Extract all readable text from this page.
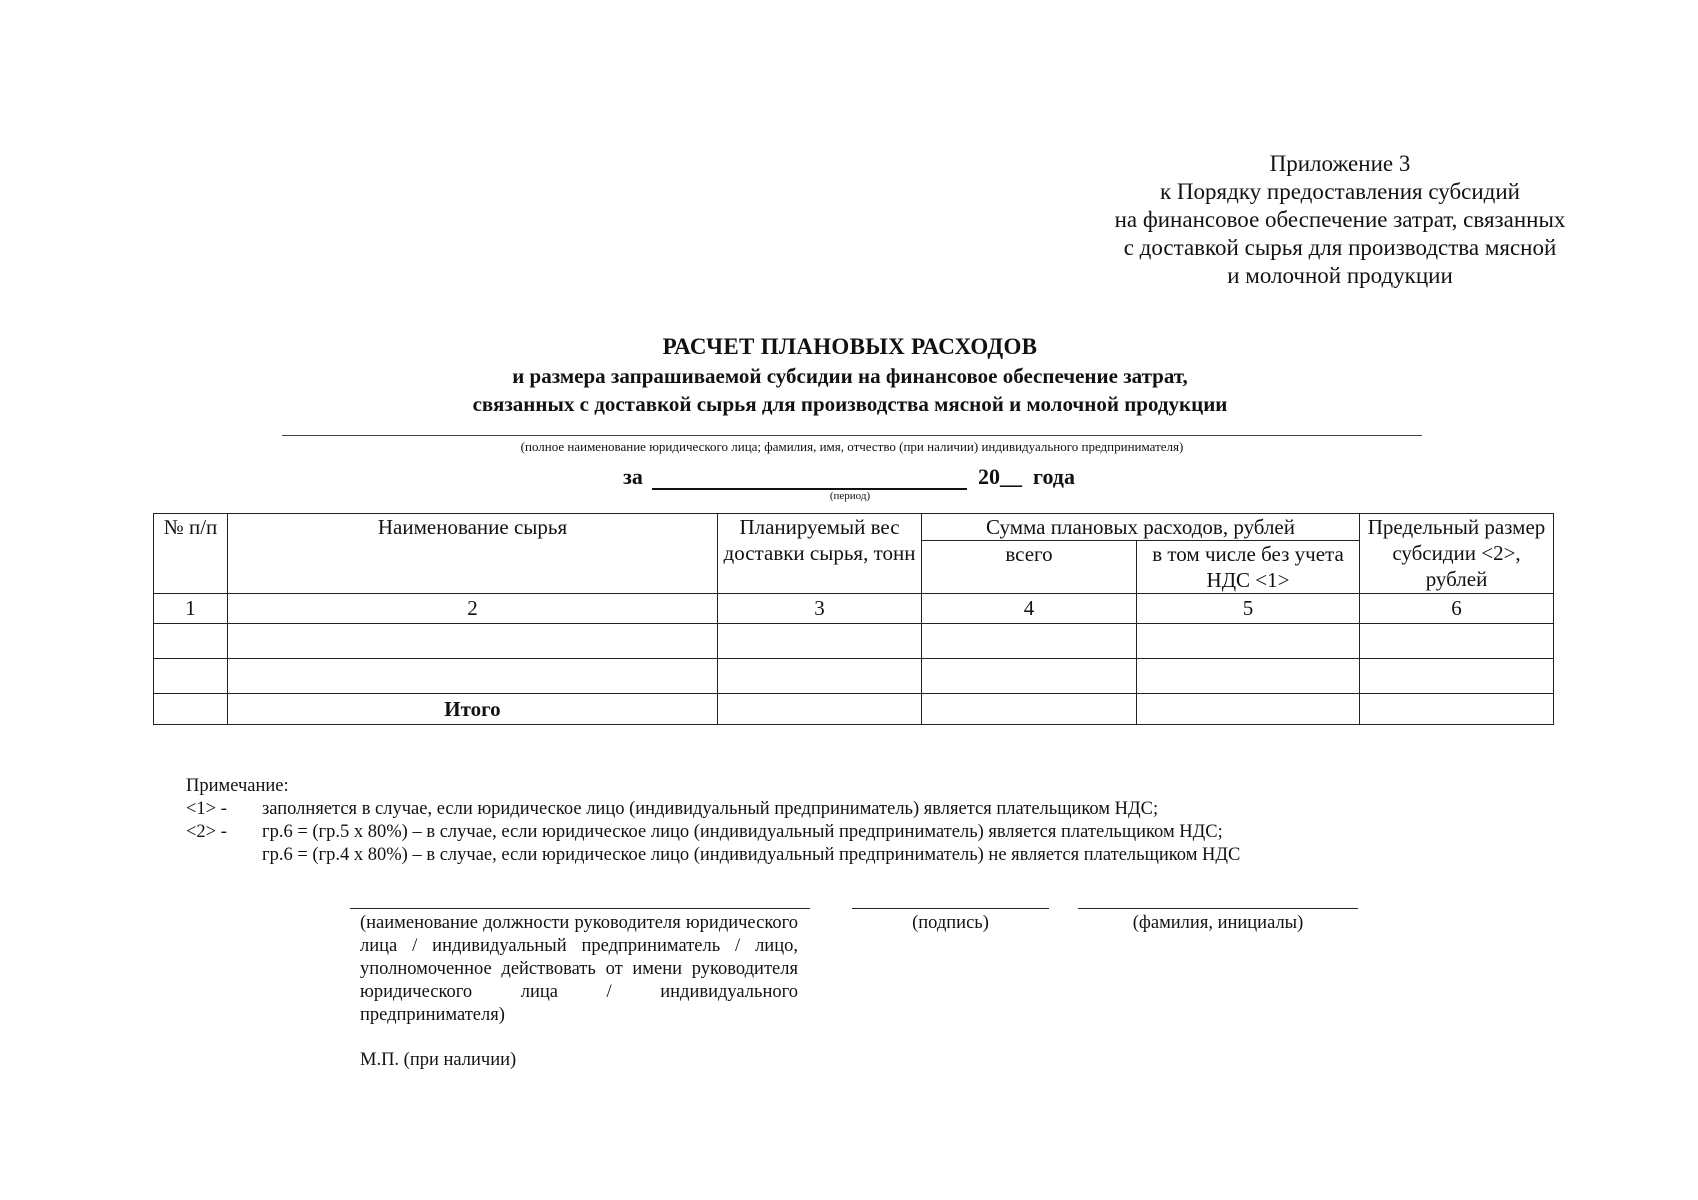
Приложение 3
к Порядку предоставления субсидий
на финансовое обеспечение затрат, связанных
с доставкой сырья для производства мясной
и молочной продукции
РАСЧЕТ ПЛАНОВЫХ РАСХОДОВ
и размера запрашиваемой субсидии на финансовое обеспечение затрат,
связанных с доставкой сырья для производства мясной и молочной продукции
(полное наименование юридического лица; фамилия, имя, отчество (при наличии) индивидуального предпринимателя)
за	20__  года
(период)
№ п/п	Наименование сырья	Планируемый вес доставки сырья, тонн	Сумма плановых расходов, рублей		Предельный размер субсидии <2>, рублей
			всего	в том числе без учета НДС <1>	
1	2	3	4	5	6

	Итого				
Примечание:
<1> -	заполняется в случае, если юридическое лицо (индивидуальный предприниматель) является плательщиком НДС;
<2> -	гр.6 = (гр.5 х 80%) – в случае, если юридическое лицо (индивидуальный предприниматель) является плательщиком НДС;
гр.6 = (гр.4 х 80%) – в случае, если юридическое лицо (индивидуальный предприниматель) не является плательщиком НДС
(наименование должности руководителя юридического лица / индивидуальный предприниматель / лицо, уполномоченное действовать от имени руководителя юридического лица / индивидуального предпринимателя)
(подпись)	(фамилия, инициалы)
М.П. (при наличии)
